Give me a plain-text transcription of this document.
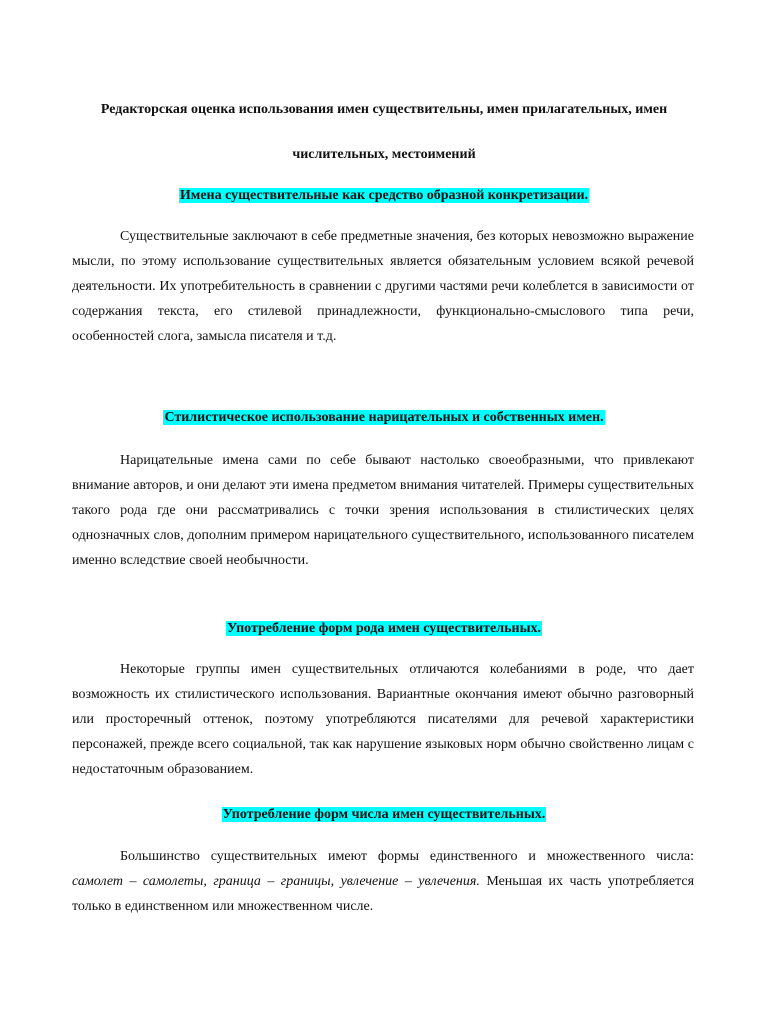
Редакторская оценка использования имен существительны, имен прилагательных, имен

числительных, местоимений

Имена существительные как средство образной конкретизации.

Существительные заключают в себе предметные значения, без которых невозможно выражение мысли, по этому использование существительных является обязательным условием всякой речевой деятельности. Их употребительность в сравнении с другими частями речи колеблется в зависимости от содержания текста, его стилевой принадлежности, функционально-смыслового типа речи, особенностей слога, замысла писателя и т.д.

Стилистическое использование нарицательных и собственных имен.

Нарицательные имена сами по себе бывают настолько своеобразными, что привлекают внимание авторов, и они делают эти имена предметом внимания читателей. Примеры существительных такого рода где они рассматривались с точки зрения использования в стилистических целях однозначных слов, дополним примером нарицательного существительного, использованного писателем именно вследствие своей необычности.

Употребление форм рода имен существительных.

Некоторые группы имен существительных отличаются колебаниями в роде, что дает возможность их стилистического использования. Вариантные окончания имеют обычно разговорный или просторечный оттенок, поэтому употребляются писателями для речевой характеристики персонажей, прежде всего социальной, так как нарушение языковых норм обычно свойственно лицам с недостаточным образованием.

Употребление форм числа имен существительных.

Большинство существительных имеют формы единственного и множественного числа: самолет – самолеты, граница – границы, увлечение – увлечения. Меньшая их часть употребляется только в единственном или множественном числе.
